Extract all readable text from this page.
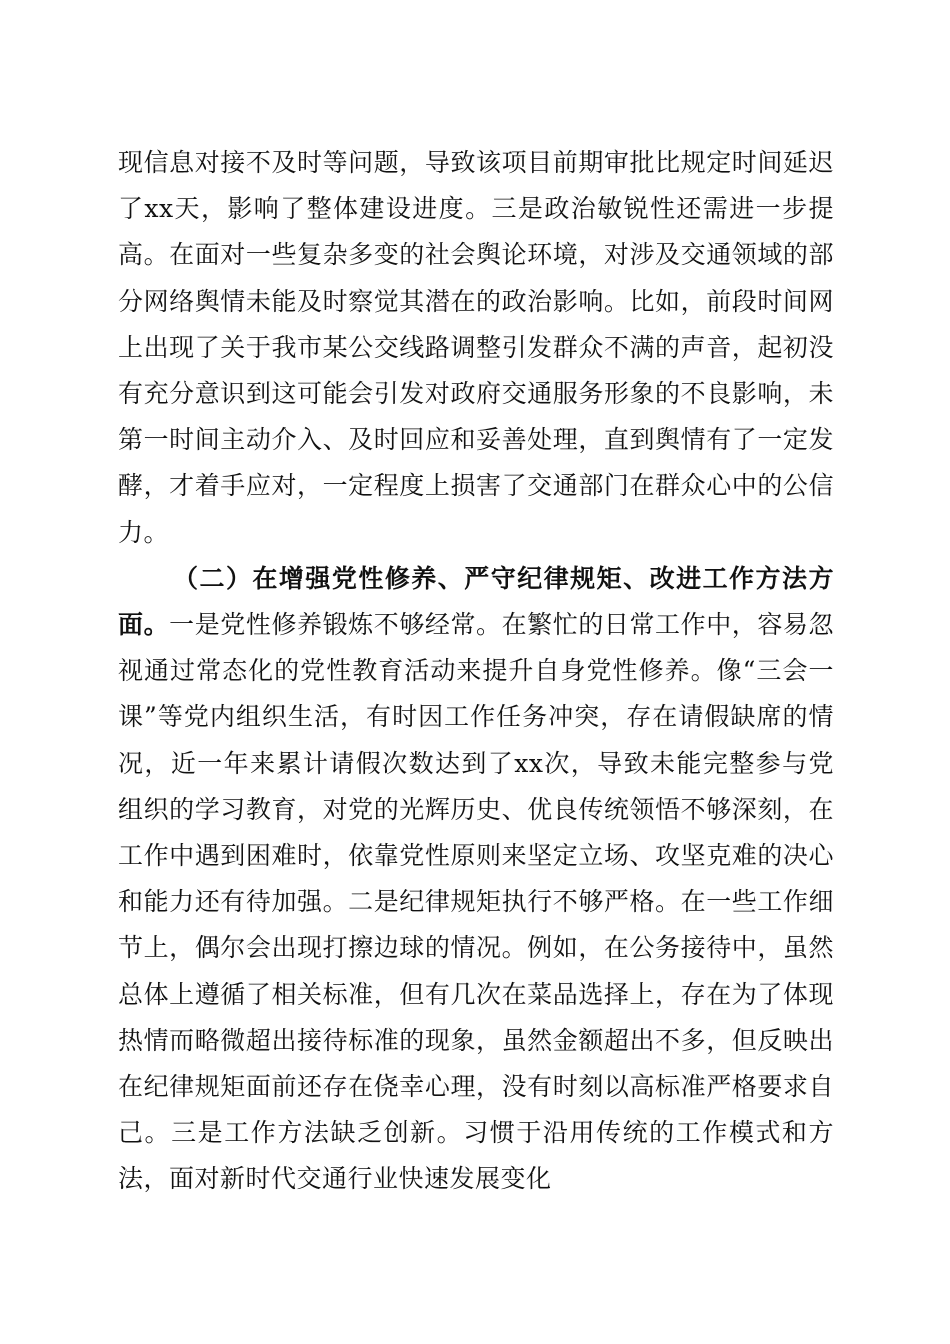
现信息对接不及时等问题，导致该项目前期审批比规定时间延迟了xx天，影响了整体建设进度。三是政治敏锐性还需进一步提高。在面对一些复杂多变的社会舆论环境，对涉及交通领域的部分网络舆情未能及时察觉其潜在的政治影响。比如，前段时间网上出现了关于我市某公交线路调整引发群众不满的声音，起初没有充分意识到这可能会引发对政府交通服务形象的不良影响，未第一时间主动介入、及时回应和妥善处理，直到舆情有了一定发酵，才着手应对，一定程度上损害了交通部门在群众心中的公信力。

（二）在增强党性修养、严守纪律规矩、改进工作方法方面。一是党性修养锻炼不够经常。在繁忙的日常工作中，容易忽视通过常态化的党性教育活动来提升自身党性修养。像“三会一课”等党内组织生活，有时因工作任务冲突，存在请假缺席的情况，近一年来累计请假次数达到了xx次，导致未能完整参与党组织的学习教育，对党的光辉历史、优良传统领悟不够深刻，在工作中遇到困难时，依靠党性原则来坚定立场、攻坚克难的决心和能力还有待加强。二是纪律规矩执行不够严格。在一些工作细节上，偶尔会出现打擦边球的情况。例如，在公务接待中，虽然总体上遵循了相关标准，但有几次在菜品选择上，存在为了体现热情而略微超出接待标准的现象，虽然金额超出不多，但反映出在纪律规矩面前还存在侥幸心理，没有时刻以高标准严格要求自己。三是工作方法缺乏创新。习惯于沿用传统的工作模式和方法，面对新时代交通行业快速发展变化
